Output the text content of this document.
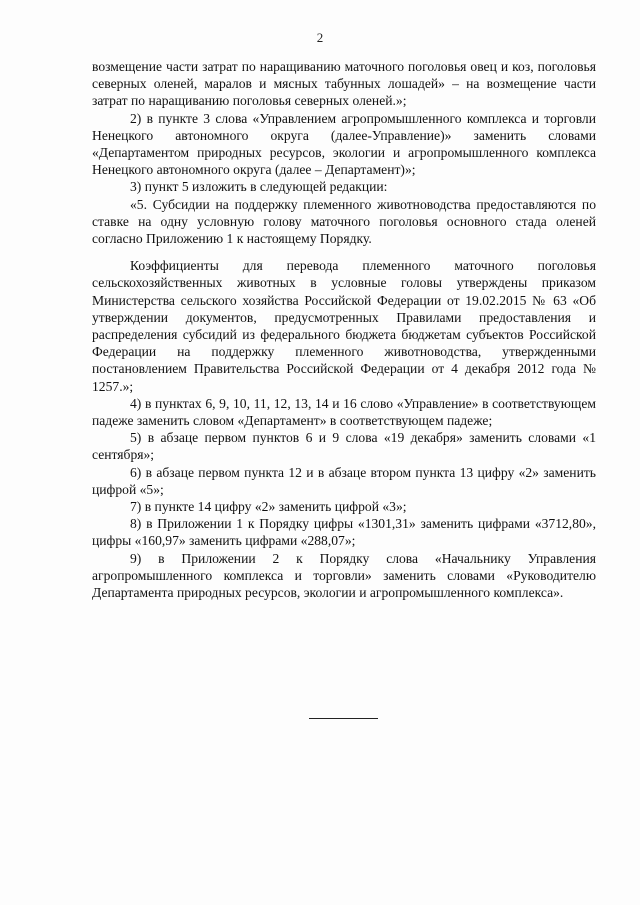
2

возмещение части затрат по наращиванию маточного поголовья овец и коз, поголовья северных оленей, маралов и мясных табунных лошадей» – на возмещение части затрат по наращиванию поголовья северных оленей.»;

2) в пункте 3 слова «Управлением агропромышленного комплекса и торговли Ненецкого автономного округа (далее-Управление)» заменить словами «Департаментом природных ресурсов, экологии и агропромышленного комплекса Ненецкого автономного округа (далее – Департамент)»;

3) пункт 5 изложить в следующей редакции:

«5. Субсидии на поддержку племенного животноводства предоставляются по ставке на одну условную голову маточного поголовья основного стада оленей согласно Приложению 1 к настоящему Порядку.

Коэффициенты для перевода племенного маточного поголовья сельскохозяйственных животных в условные головы утверждены приказом Министерства сельского хозяйства Российской Федерации от 19.02.2015 № 63 «Об утверждении документов, предусмотренных Правилами предоставления и распределения субсидий из федерального бюджета бюджетам субъектов Российской Федерации на поддержку племенного животноводства, утвержденными постановлением Правительства Российской Федерации от 4 декабря 2012 года № 1257.»;

4) в пунктах 6, 9, 10, 11, 12, 13, 14 и 16 слово «Управление» в соответствующем падеже заменить словом «Департамент» в соответствующем падеже;

5) в абзаце первом пунктов 6 и 9 слова «19 декабря» заменить словами «1 сентября»;

6) в абзаце первом пункта 12 и в абзаце втором пункта 13 цифру «2» заменить цифрой «5»;

7) в пункте 14 цифру «2» заменить цифрой «3»;

8) в Приложении 1 к Порядку цифры «1301,31» заменить цифрами «3712,80», цифры «160,97» заменить цифрами «288,07»;

9) в Приложении 2 к Порядку слова «Начальнику Управления агропромышленного комплекса и торговли» заменить словами «Руководителю Департамента природных ресурсов, экологии и агропромышленного комплекса».
